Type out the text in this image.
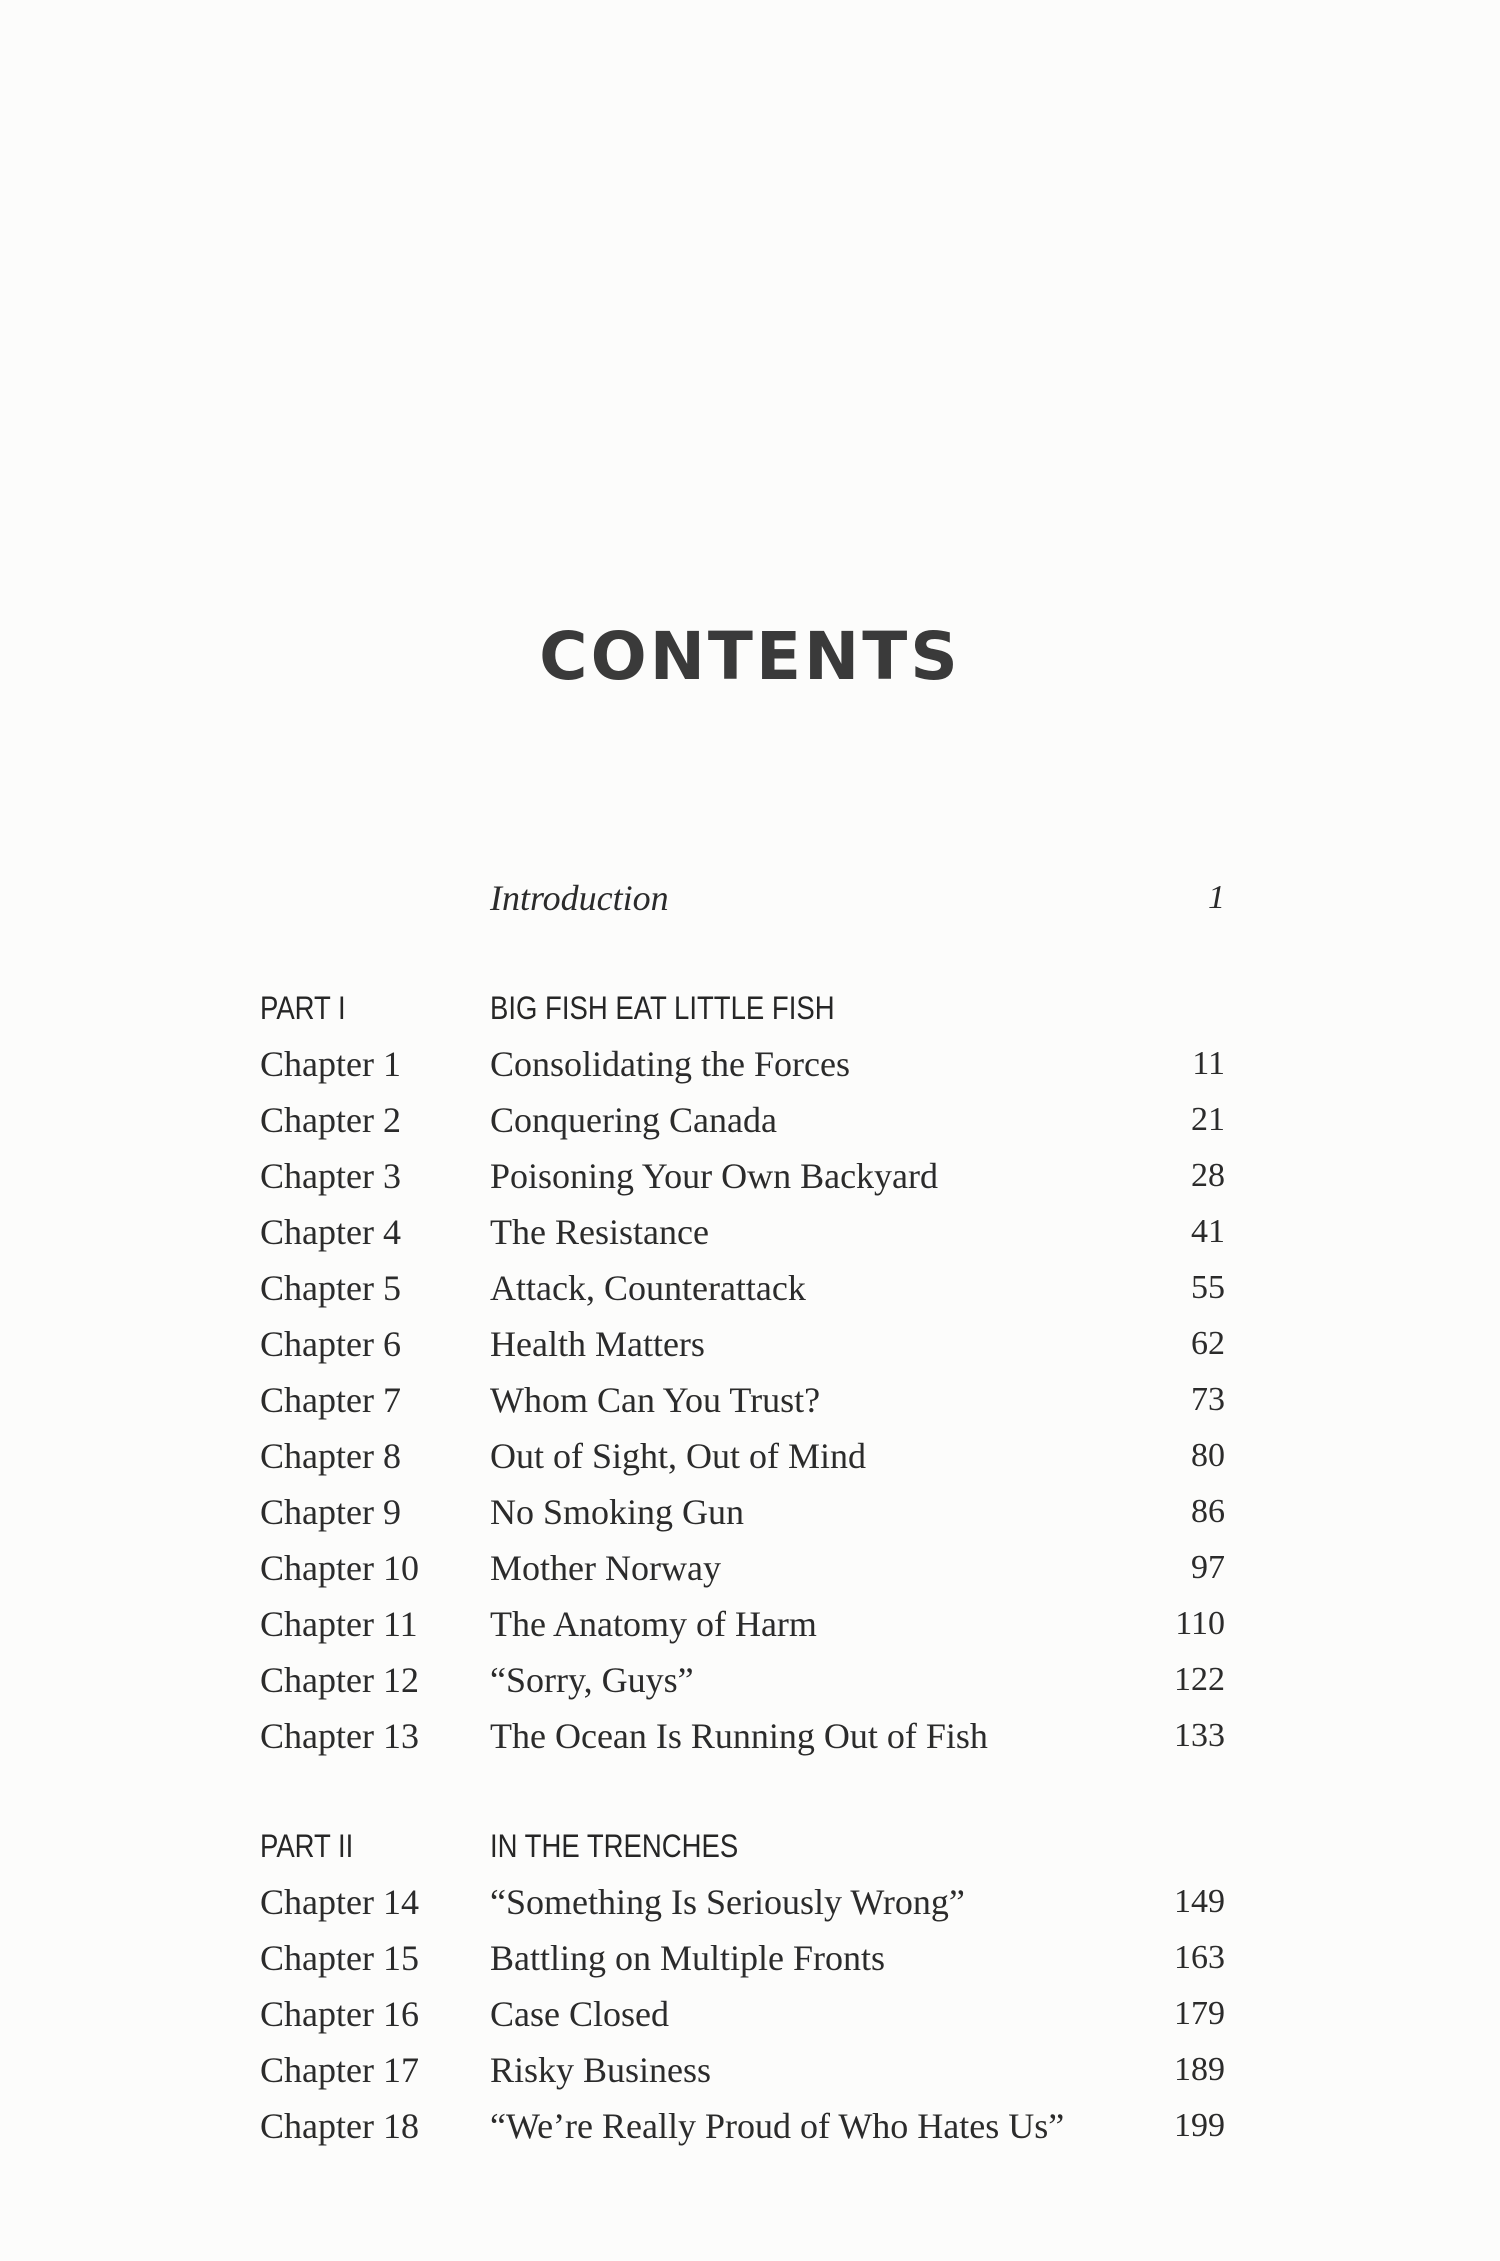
CONTENTS
Introduction	1
PART I	BIG FISH EAT LITTLE FISH
Chapter 1 Consolidating the Forces	11
Chapter 2 Conquering Canada	21
Chapter 3 Poisoning Your Own Backyard	28
Chapter 4 The Resistance	41
Chapter 5 Attack, Counterattack	55
Chapter 6 Health Matters	62
Chapter 7 Whom Can You Trust?	73
Chapter 8 Out of Sight, Out of Mind	80
Chapter 9 No Smoking Gun	86
Chapter 10 Mother Norway	97
Chapter 11 The Anatomy of Harm	110
Chapter 12 “Sorry, Guys”	122
Chapter 13 The Ocean Is Running Out of Fish	133
PART II	IN THE TRENCHES
Chapter 14 “Something Is Seriously Wrong”	149
Chapter 15 Battling on Multiple Fronts	163
Chapter 16 Case Closed	179
Chapter 17 Risky Business	189
Chapter 18 “We’re Really Proud of Who Hates Us”	199
